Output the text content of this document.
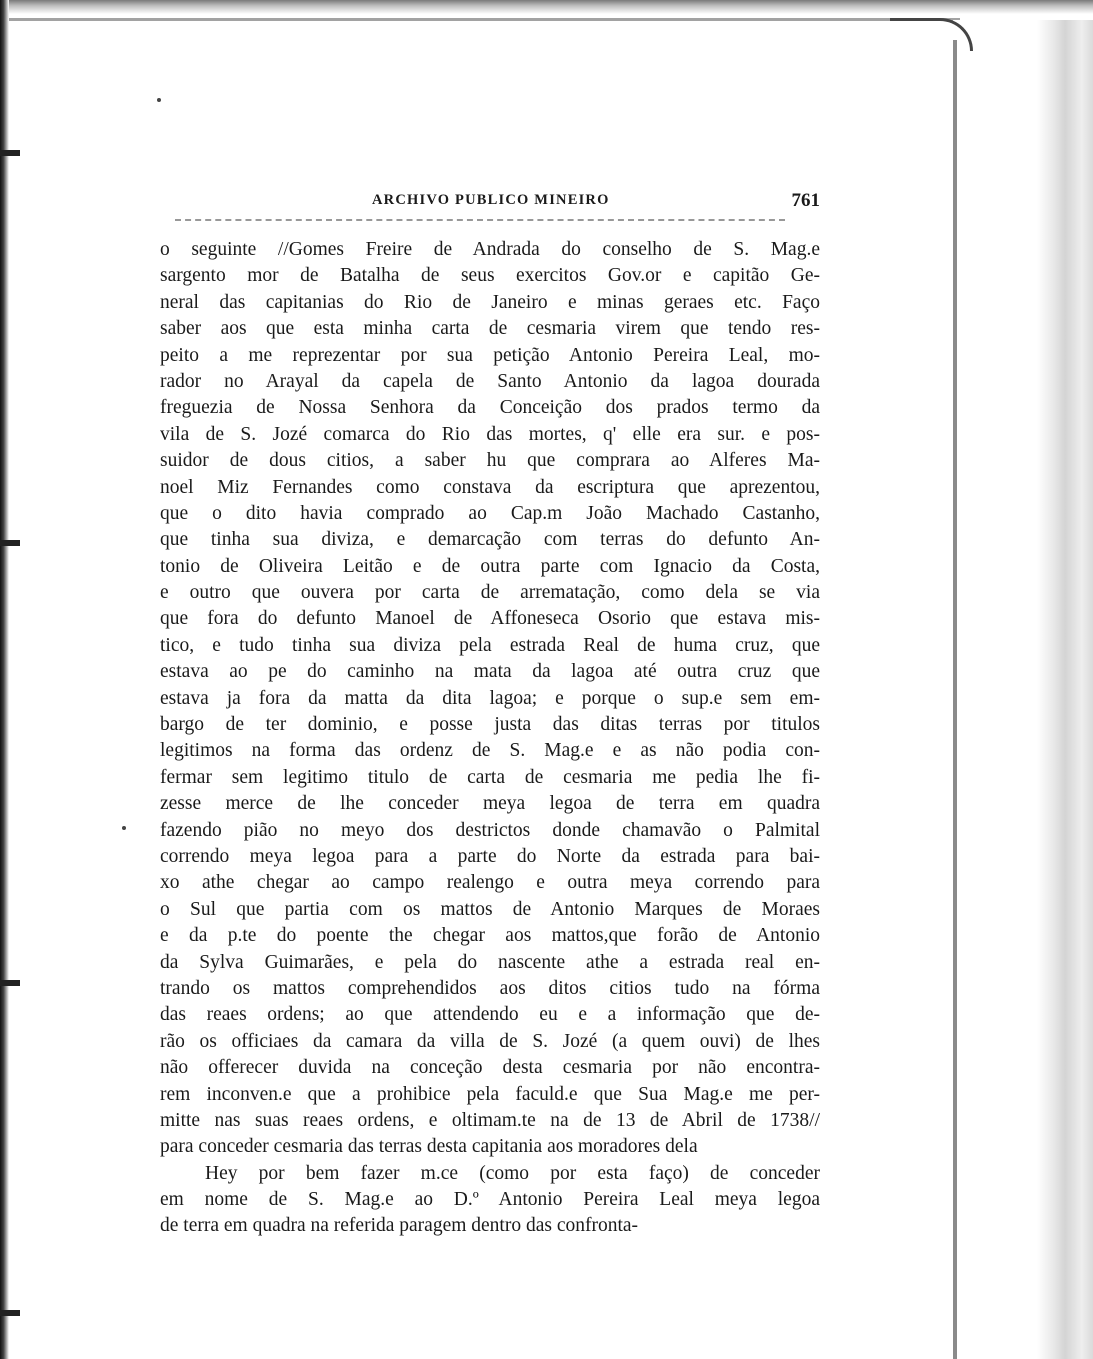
ARCHIVO PUBLICO MINEIRO	761
o seguinte //Gomes Freire de Andrada do conselho de S. Mag.e
sargento mor de Batalha de seus exercitos Gov.or e capitão Ge-
neral das capitanias do Rio de Janeiro e minas geraes etc. Faço
saber aos que esta minha carta de cesmaria virem que tendo res-
peito a me reprezentar por sua petição Antonio Pereira Leal, mo-
rador no Arayal da capela de Santo Antonio da lagoa dourada
freguezia de Nossa Senhora da Conceição dos prados termo da
vila de S. Jozé comarca do Rio das mortes, q' elle era sur. e pos-
suidor de dous citios, a saber hu que comprara ao Alferes Ma-
noel Miz Fernandes como constava da escriptura que aprezentou,
que o dito havia comprado ao Cap.m João Machado Castanho,
que tinha sua diviza, e demarcação com terras do defunto An-
tonio de Oliveira Leitão e de outra parte com Ignacio da Costa,
e outro que ouvera por carta de arrematação, como dela se via
que fora do defunto Manoel de Affoneseca Osorio que estava mis-
tico, e tudo tinha sua diviza pela estrada Real de huma cruz, que
estava ao pe do caminho na mata da lagoa até outra cruz que
estava ja fora da matta da dita lagoa; e porque o sup.e sem em-
bargo de ter dominio, e posse justa das ditas terras por titulos
legitimos na forma das ordenz de S. Mag.e e as não podia con-
fermar sem legitimo titulo de carta de cesmaria me pedia lhe fi-
zesse merce de lhe conceder meya legoa de terra em quadra
fazendo pião no meyo dos destrictos donde chamavão o Palmital
correndo meya legoa para a parte do Norte da estrada para bai-
xo athe chegar ao campo realengo e outra meya correndo para
o Sul que partia com os mattos de Antonio Marques de Moraes
e da p.te do poente the chegar aos mattos,que forão de Antonio
da Sylva Guimarães, e pela do nascente athe a estrada real en-
trando os mattos comprehendidos aos ditos citios tudo na fórma
das reaes ordens; ao que attendendo eu e a informação que de-
rão os officiaes da camara da villa de S. Jozé (a quem ouvi) de lhes
não offerecer duvida na conceção desta cesmaria por não encontra-
rem inconven.e que a prohibice pela faculd.e que Sua Mag.e me per-
mitte nas suas reaes ordens, e oltimam.te na de 13 de Abril de 1738//
para conceder cesmaria das terras desta capitania aos moradores dela
Hey por bem fazer m.ce (como por esta faço) de conceder
em nome de S. Mag.e ao D.º Antonio Pereira Leal meya legoa
de terra em quadra na referida paragem dentro das confronta-
